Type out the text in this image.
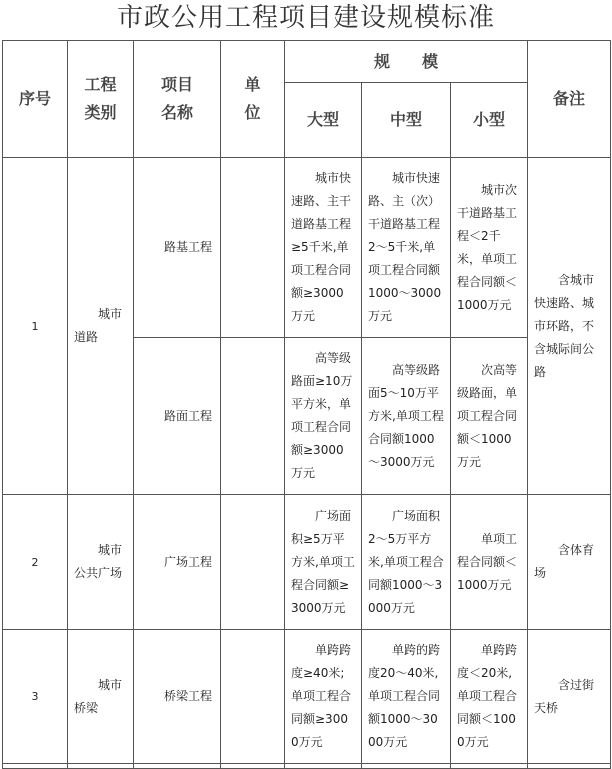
市政公用工程项目建设规模标准
序号	工程类别	项目名称	单位	规　　模			备注
				大型	中型	小型	
1	城市道路	路基工程		城市快速路、主干道路基工程≥5千米,单项工程合同额≥3000万元	城市快速路、主（次）干道路基工程2～5千米,单项工程合同额1000～3000万元	城市次干道路基工程＜2千米，单项工程合同额＜1000万元	含城市快速路、城市环路，不含城际间公路
		路面工程		高等级路面≥10万平方米，单项工程合同额≥3000万元	高等级路面5～10万平方米,单项工程合同额1000～3000万元	次高等级路面，单项工程合同额＜1000万元	
2	城市公共广场	广场工程		广场面积≥5万平方米,单项工程合同额≥3000万元	广场面积2～5万平方米,单项工程合同额1000～3000万元	单项工程合同额＜1000万元	含体育场
3	城市桥梁	桥梁工程		单跨跨度≥40米;单项工程合同额≥3000万元	单跨的跨度20～40米,单项工程合同额1000～3000万元	单跨跨度＜20米,单项工程合同额＜1000万元	含过街天桥
